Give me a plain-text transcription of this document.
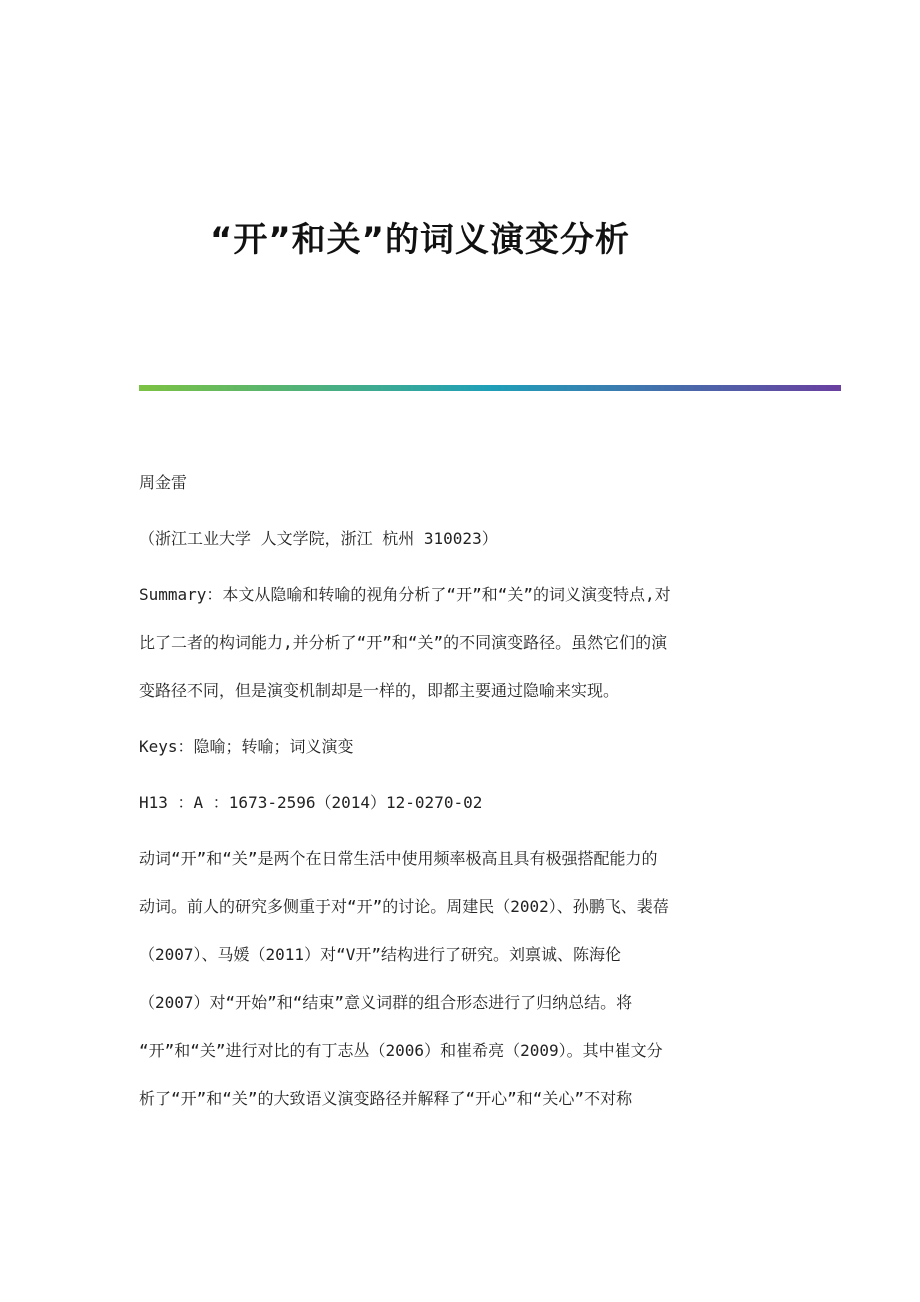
“开”和关”的词义演变分析
周金雷
（浙江工业大学 人文学院，浙江 杭州 310023）
Summary：本文从隐喻和转喻的视角分析了“开”和“关”的词义演变特点,对
比了二者的构词能力,并分析了“开”和“关”的不同演变路径。虽然它们的演
变路径不同，但是演变机制却是一样的，即都主要通过隐喻来实现。
Keys：隐喻；转喻；词义演变
H13 ：A ：1673-2596（2014）12-0270-02
动词“开”和“关”是两个在日常生活中使用频率极高且具有极强搭配能力的
动词。前人的研究多侧重于对“开”的讨论。周建民（2002）、孙鹏飞、裴蓓
（2007）、马媛（2011）对“V开”结构进行了研究。刘禀诚、陈海伦
（2007）对“开始”和“结束”意义词群的组合形态进行了归纳总结。将
“开”和“关”进行对比的有丁志丛（2006）和崔希亮（2009）。其中崔文分
析了“开”和“关”的大致语义演变路径并解释了“开心”和“关心”不对称
